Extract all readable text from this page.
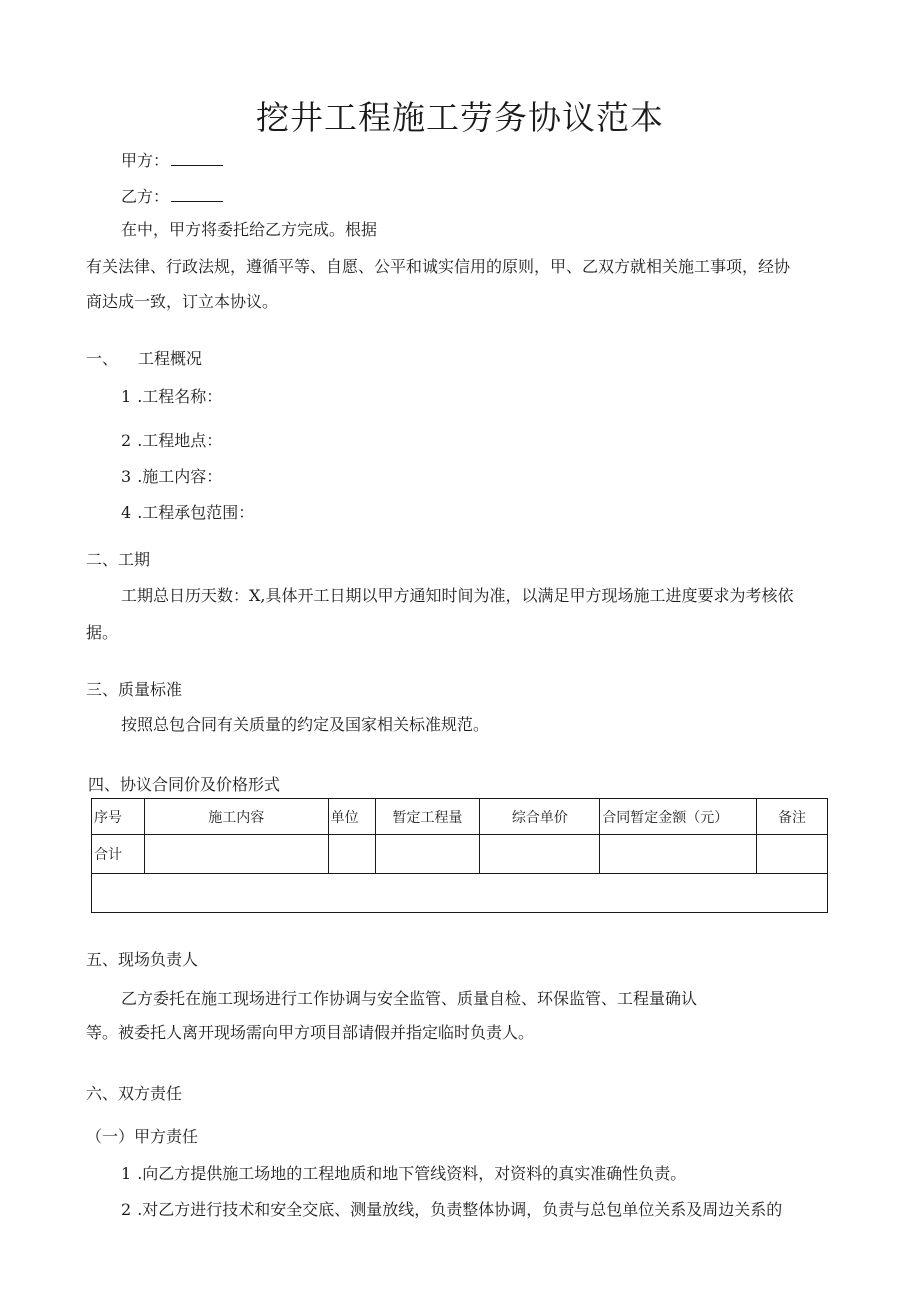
挖井工程施工劳务协议范本
甲方：
乙方：
在中，甲方将委托给乙方完成。根据
有关法律、行政法规，遵循平等、自愿、公平和诚实信用的原则，甲、乙双方就相关施工事项，经协
商达成一致，订立本协议。
一、 工程概况
1 .工程名称：
2 .工程地点：
3 .施工内容：
4 .工程承包范围：
二、工期
工期总日历天数：X,具体开工日期以甲方通知时间为准，以满足甲方现场施工进度要求为考核依
据。
三、质量标准
按照总包合同有关质量的约定及国家相关标准规范。
四、协议合同价及价格形式
序号	施工内容	单位	暂定工程量	综合单价	合同暂定金额（元）	备注
合计						

五、现场负责人
乙方委托在施工现场进行工作协调与安全监管、质量自检、环保监管、工程量确认
等。被委托人离开现场需向甲方项目部请假并指定临时负责人。
六、双方责任
（一）甲方责任
1 .向乙方提供施工场地的工程地质和地下管线资料，对资料的真实准确性负责。
2 .对乙方进行技术和安全交底、测量放线，负责整体协调，负责与总包单位关系及周边关系的
